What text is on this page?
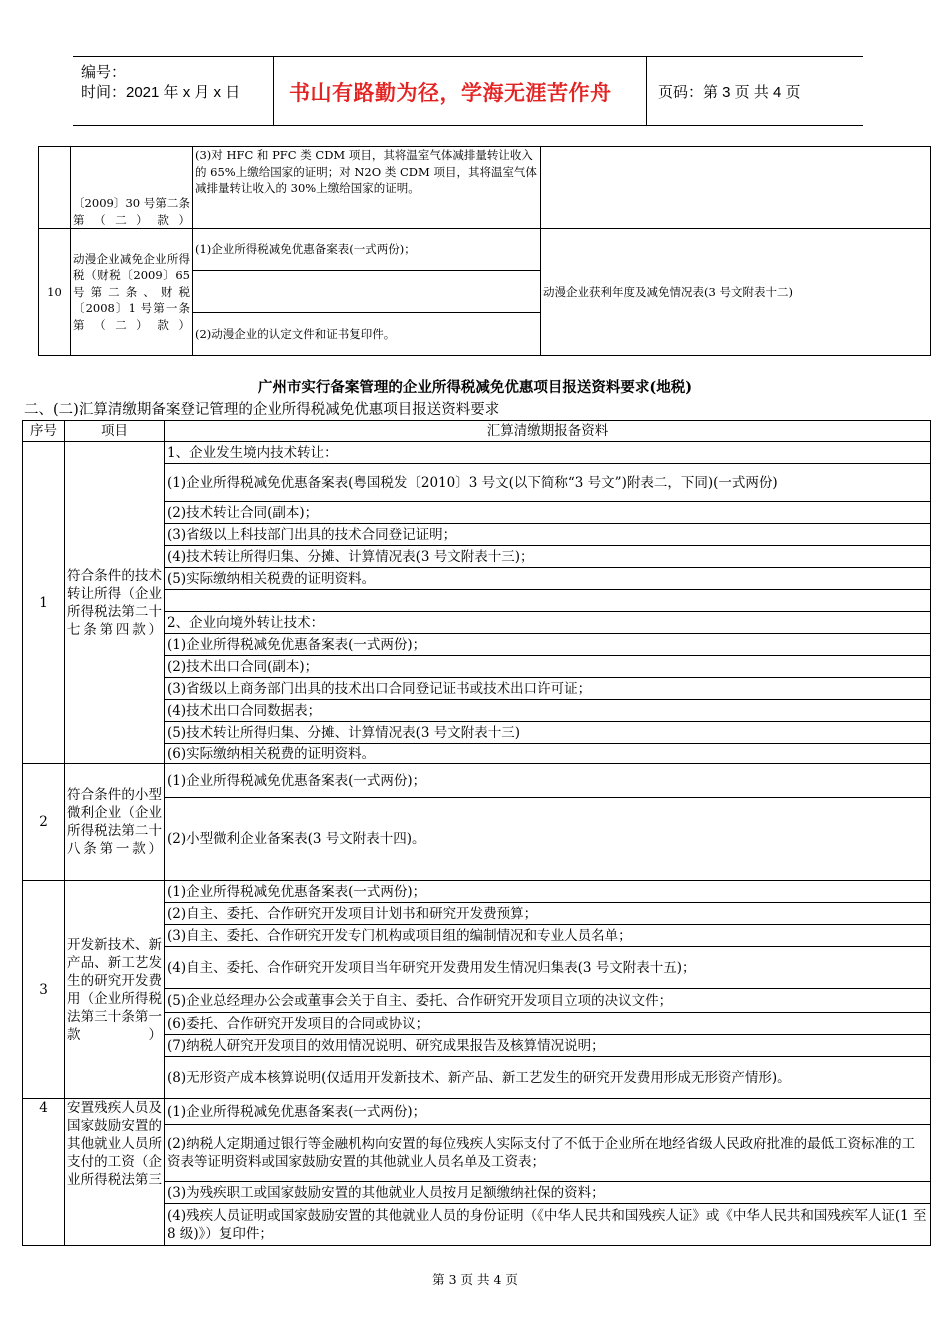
编号：
时间：2021 年 x 月 x 日 书山有路勤为径，学海无涯苦作舟	页码：第 3 页 共 4 页
	〔2009〕30 号第二条第（二）款）	(3)对 HFC 和 PFC 类 CDM 项目，其将温室气体减排量转让收入的 65%上缴给国家的证明；对 N2O 类 CDM 项目，其将温室气体减排量转让收入的 30%上缴给国家的证明。	
10	动漫企业减免企业所得税（财税〔2009〕65 号第二条、财税〔2008〕1 号第一条第（二）款）	(1)企业所得税减免优惠备案表(一式两份)；	动漫企业获利年度及减免情况表(3 号文附表十二)

		(2)动漫企业的认定文件和证书复印件。	
广州市实行备案管理的企业所得税减免优惠项目报送资料要求(地税)
二、(二)汇算清缴期备案登记管理的企业所得税减免优惠项目报送资料要求
序号	项目	汇算清缴期报备资料
1	符合条件的技术转让所得（企业所得税法第二十七条第四款）	1、企业发生境内技术转让：
		(1)企业所得税减免优惠备案表(粤国税发〔2010〕3 号文(以下简称“3 号文”)附表二，下同)(一式两份)
		(2)技术转让合同(副本)；
		(3)省级以上科技部门出具的技术合同登记证明；
		(4)技术转让所得归集、分摊、计算情况表(3 号文附表十三)；
		(5)实际缴纳相关税费的证明资料。

		2、企业向境外转让技术：
		(1)企业所得税减免优惠备案表(一式两份)；
		(2)技术出口合同(副本)；
		(3)省级以上商务部门出具的技术出口合同登记证书或技术出口许可证；
		(4)技术出口合同数据表；
		(5)技术转让所得归集、分摊、计算情况表(3 号文附表十三)
		(6)实际缴纳相关税费的证明资料。
2	符合条件的小型微利企业（企业所得税法第二十八条第一款）	(1)企业所得税减免优惠备案表(一式两份)；
		(2)小型微利企业备案表(3 号文附表十四)。
3	开发新技术、新产品、新工艺发生的研究开发费用（企业所得税法第三十条第一款）	(1)企业所得税减免优惠备案表(一式两份)；
		(2)自主、委托、合作研究开发项目计划书和研究开发费预算；
		(3)自主、委托、合作研究开发专门机构或项目组的编制情况和专业人员名单；
		(4)自主、委托、合作研究开发项目当年研究开发费用发生情况归集表(3 号文附表十五)；
		(5)企业总经理办公会或董事会关于自主、委托、合作研究开发项目立项的决议文件；
		(6)委托、合作研究开发项目的合同或协议；
		(7)纳税人研究开发项目的效用情况说明、研究成果报告及核算情况说明；
		(8)无形资产成本核算说明(仅适用开发新技术、新产品、新工艺发生的研究开发费用形成无形资产情形)。
4	安置残疾人员及国家鼓励安置的其他就业人员所支付的工资（企业所得税法第三	(1)企业所得税减免优惠备案表(一式两份)；
		(2)纳税人定期通过银行等金融机构向安置的每位残疾人实际支付了不低于企业所在地经省级人民政府批准的最低工资标准的工资表等证明资料或国家鼓励安置的其他就业人员名单及工资表；
		(3)为残疾职工或国家鼓励安置的其他就业人员按月足额缴纳社保的资料；
		(4)残疾人员证明或国家鼓励安置的其他就业人员的身份证明（《中华人民共和国残疾人证》或《中华人民共和国残疾军人证(1 至 8 级)》）复印件；
第 3 页 共 4 页
